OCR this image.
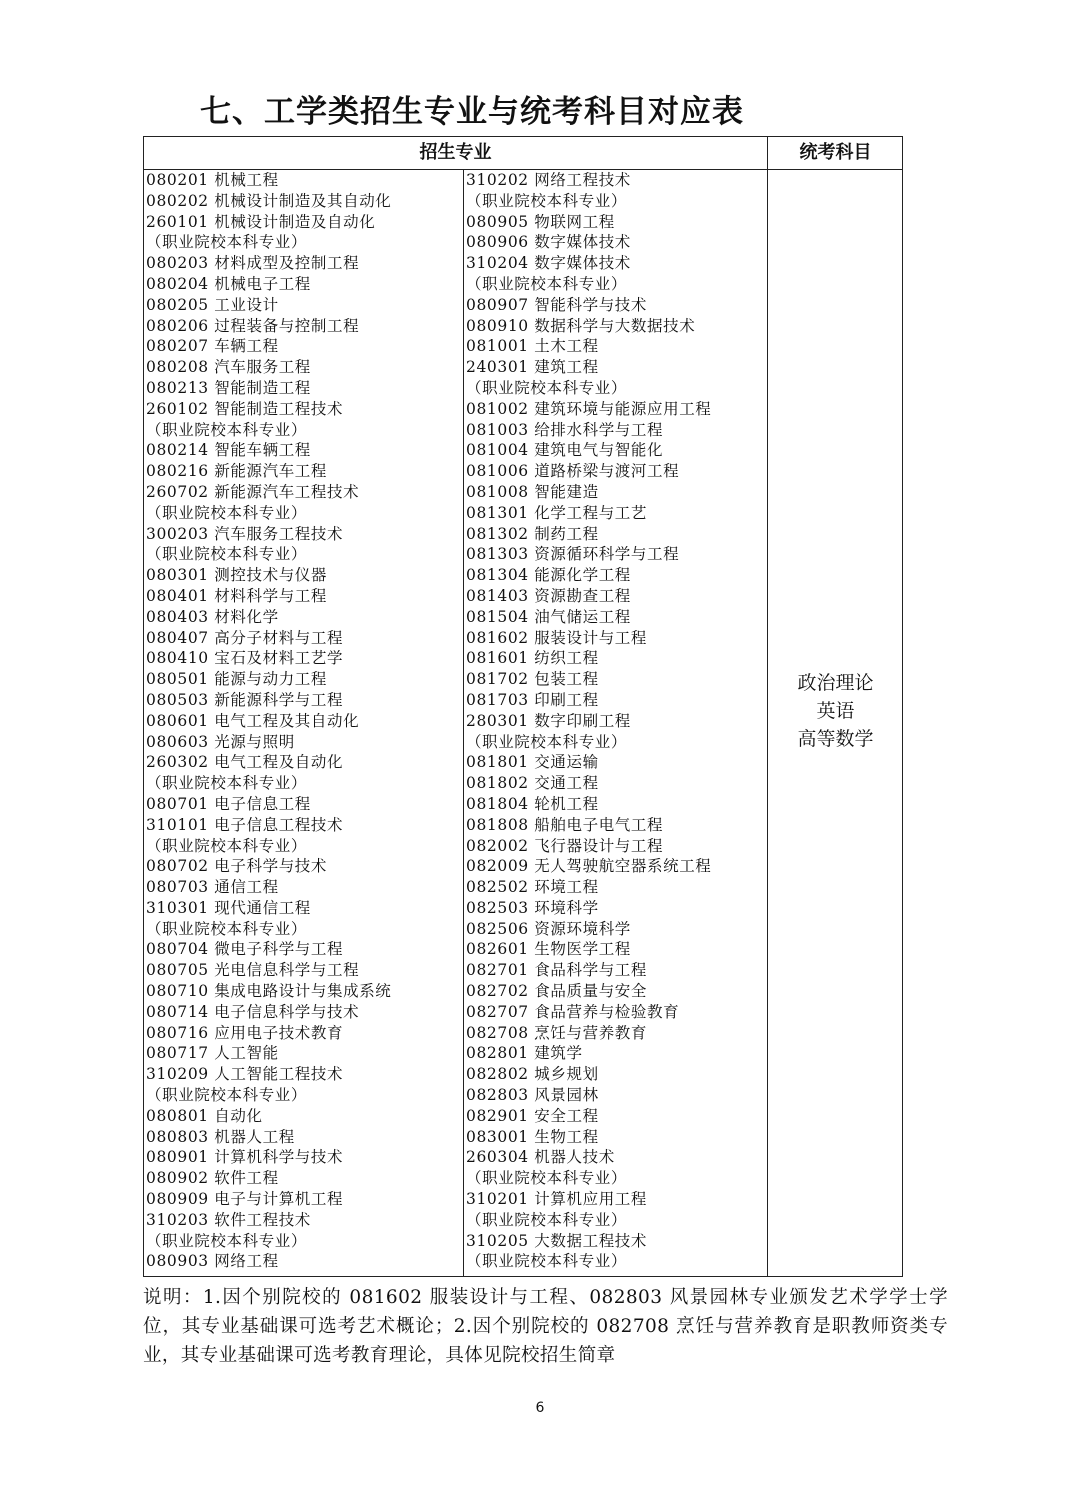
七、工学类招生专业与统考科目对应表
招生专业	统考科目
080201 机械工程
080202 机械设计制造及其自动化
260101 机械设计制造及自动化
（职业院校本科专业）
080203 材料成型及控制工程
080204 机械电子工程
080205 工业设计
080206 过程装备与控制工程
080207 车辆工程
080208 汽车服务工程
080213 智能制造工程
260102 智能制造工程技术
（职业院校本科专业）
080214 智能车辆工程
080216 新能源汽车工程
260702 新能源汽车工程技术
（职业院校本科专业）
300203 汽车服务工程技术
（职业院校本科专业）
080301 测控技术与仪器
080401 材料科学与工程
080403 材料化学
080407 高分子材料与工程
080410 宝石及材料工艺学
080501 能源与动力工程
080503 新能源科学与工程
080601 电气工程及其自动化
080603 光源与照明
260302 电气工程及自动化
（职业院校本科专业）
080701 电子信息工程
310101 电子信息工程技术
（职业院校本科专业）
080702 电子科学与技术
080703 通信工程
310301 现代通信工程
（职业院校本科专业）
080704 微电子科学与工程
080705 光电信息科学与工程
080710 集成电路设计与集成系统
080714 电子信息科学与技术
080716 应用电子技术教育
080717 人工智能
310209 人工智能工程技术
（职业院校本科专业）
080801 自动化
080803 机器人工程
080901 计算机科学与技术
080902 软件工程
080909 电子与计算机工程
310203 软件工程技术
（职业院校本科专业）
080903 网络工程
310202 网络工程技术
（职业院校本科专业）
080905 物联网工程
080906 数字媒体技术
310204 数字媒体技术
（职业院校本科专业）
080907 智能科学与技术
080910 数据科学与大数据技术
081001 土木工程
240301 建筑工程
（职业院校本科专业）
081002 建筑环境与能源应用工程
081003 给排水科学与工程
081004 建筑电气与智能化
081006 道路桥梁与渡河工程
081008 智能建造
081301 化学工程与工艺
081302 制药工程
081303 资源循环科学与工程
081304 能源化学工程
081403 资源勘查工程
081504 油气储运工程
081602 服装设计与工程
081601 纺织工程
081702 包装工程
081703 印刷工程
280301 数字印刷工程
（职业院校本科专业）
081801 交通运输
081802 交通工程
081804 轮机工程
081808 船舶电子电气工程
082002 飞行器设计与工程
082009 无人驾驶航空器系统工程
082502 环境工程
082503 环境科学
082506 资源环境科学
082601 生物医学工程
082701 食品科学与工程
082702 食品质量与安全
082707 食品营养与检验教育
082708 烹饪与营养教育
082801 建筑学
082802 城乡规划
082803 风景园林
082901 安全工程
083001 生物工程
260304 机器人技术
（职业院校本科专业）
310201 计算机应用工程
（职业院校本科专业）
310205 大数据工程技术
（职业院校本科专业）
政治理论
英语
高等数学

说明：1.因个别院校的 081602 服装设计与工程、082803 风景园林专业颁发艺术学学士学位，其专业基础课可选考艺术概论；2.因个别院校的 082708 烹饪与营养教育是职教师资类专业，其专业基础课可选考教育理论，具体见院校招生简章

6
